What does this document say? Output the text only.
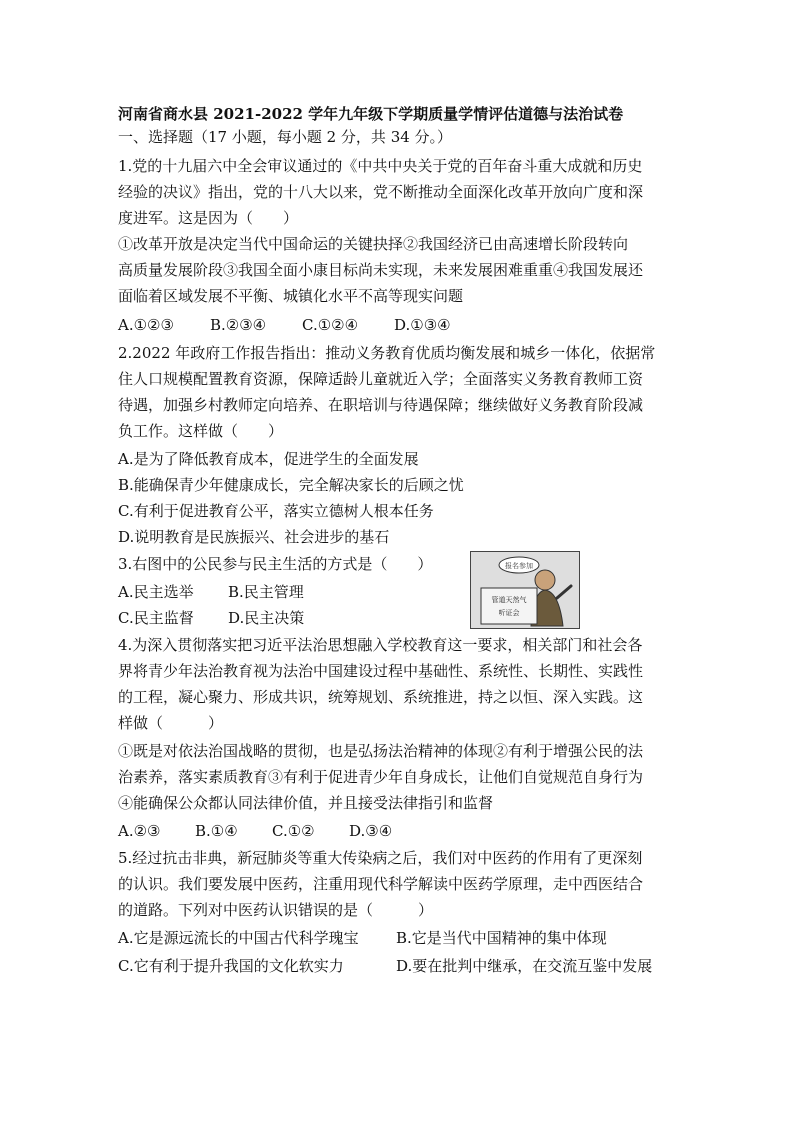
河南省商水县 2021-2022 学年九年级下学期质量学情评估道德与法治试卷
一、选择题（17 小题，每小题 2 分，共 34 分。）
1.党的十九届六中全会审议通过的《中共中央关于党的百年奋斗重大成就和历史
经验的决议》指出，党的十八大以来，党不断推动全面深化改革开放向广度和深
度进军。这是因为（　　）
①改革开放是决定当代中国命运的关键抉择②我国经济已由高速增长阶段转向
高质量发展阶段③我国全面小康目标尚未实现，未来发展困难重重④我国发展还
面临着区域发展不平衡、城镇化水平不高等现实问题
A.①②③ B.②③④ C.①②④ D.①③④
2.2022 年政府工作报告指出：推动义务教育优质均衡发展和城乡一体化，依据常
住人口规模配置教育资源，保障适龄儿童就近入学；全面落实义务教育教师工资
待遇，加强乡村教师定向培养、在职培训与待遇保障；继续做好义务教育阶段减
负工作。这样做（　　）
A.是为了降低教育成本，促进学生的全面发展
B.能确保青少年健康成长，完全解决家长的后顾之忧
C.有利于促进教育公平，落实立德树人根本任务
D.说明教育是民族振兴、社会进步的基石
3.右图中的公民参与民主生活的方式是（　　）
A.民主选举 B.民主管理
C.民主监督 D.民主决策
报名参加
管道天然气
听证会
4.为深入贯彻落实把习近平法治思想融入学校教育这一要求，相关部门和社会各
界将青少年法治教育视为法治中国建设过程中基础性、系统性、长期性、实践性
的工程，凝心聚力、形成共识，统筹规划、系统推进，持之以恒、深入实践。这
样做（　　　）
①既是对依法治国战略的贯彻，也是弘扬法治精神的体现②有利于增强公民的法
治素养，落实素质教育③有利于促进青少年自身成长，让他们自觉规范自身行为
④能确保公众都认同法律价值，并且接受法律指引和监督
A.②③ B.①④ C.①② D.③④
5.经过抗击非典，新冠肺炎等重大传染病之后，我们对中医药的作用有了更深刻
的认识。我们要发展中医药，注重用现代科学解读中医药学原理，走中西医结合
的道路。下列对中医药认识错误的是（　　　）
A.它是源远流长的中国古代科学瑰宝 B.它是当代中国精神的集中体现
C.它有利于提升我国的文化软实力	D.要在批判中继承，在交流互鉴中发展
